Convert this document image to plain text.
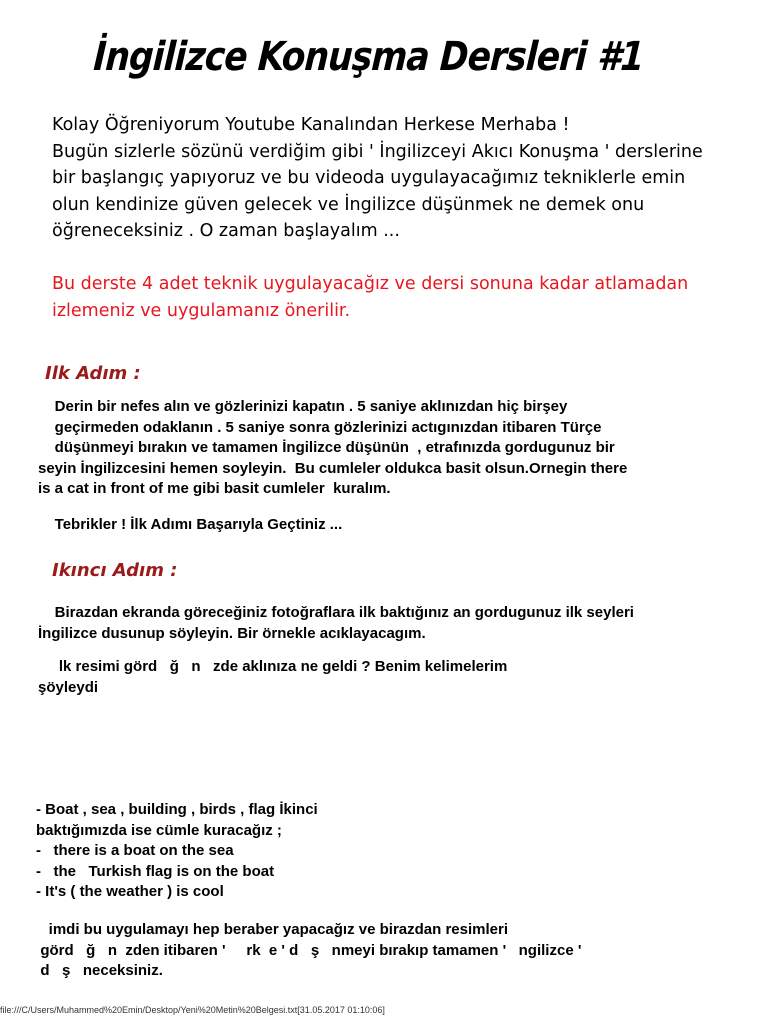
İngilizce Konuşma Dersleri #1
Kolay Öğreniyorum Youtube Kanalından Herkese Merhaba !
Bugün sizlerle sözünü verdiğim gibi ' İngilizceyi Akıcı Konuşma ' derslerine
bir başlangıç yapıyoruz ve bu videoda uygulayacağımız tekniklerle emin
olun kendinize güven gelecek ve İngilizce düşünmek ne demek onu
öğreneceksiniz . O zaman başlayalım ...
Bu derste 4 adet teknik uygulayacağız ve dersi sonuna kadar atlamadan
izlemeniz ve uygulamanız önerilir.
Ilk Adım :
Derin bir nefes alın ve gözlerinizi kapatın . 5 saniye aklınızdan hiç birşey
geçirmeden odaklanın . 5 saniye sonra gözlerinizi actıgınızdan itibaren Türçe
düşünmeyi bırakın ve tamamen İngilizce düşünün  , etrafınızda gordugunuz bir
seyin İngilizcesini hemen soyleyin.  Bu cumleler oldukca basit olsun.Ornegin there
is a cat in front of me gibi basit cumleler  kuralım.
Tebrikler ! İlk Adımı Başarıyla Geçtiniz ...
Ikıncı Adım :
Birazdan ekranda göreceğiniz fotoğraflara ilk baktığınız an gordugunuz ilk seyleri
İngilizce dusunup söyleyin. Bir örnekle acıklayacagım.
lk resimi görd   ğ   n   zde aklınıza ne geldi ? Benim kelimelerim
şöyleydi
- Boat , sea , building , birds , flag İkinci
baktığımızda ise cümle kuracağız ;
-   there is a boat on the sea
-   the   Turkish flag is on the boat
- It's ( the weather ) is cool
imdi bu uygulamayı hep beraber yapacağız ve birazdan resimleri
görd   ğ   n  zden itibaren '     rk  e ' d   ş   nmeyi bırakıp tamamen '   ngilizce '
d   ş   neceksiniz.
file:///C/Users/Muhammed%20Emin/Desktop/Yeni%20Metin%20Belgesi.txt[31.05.2017 01:10:06]
